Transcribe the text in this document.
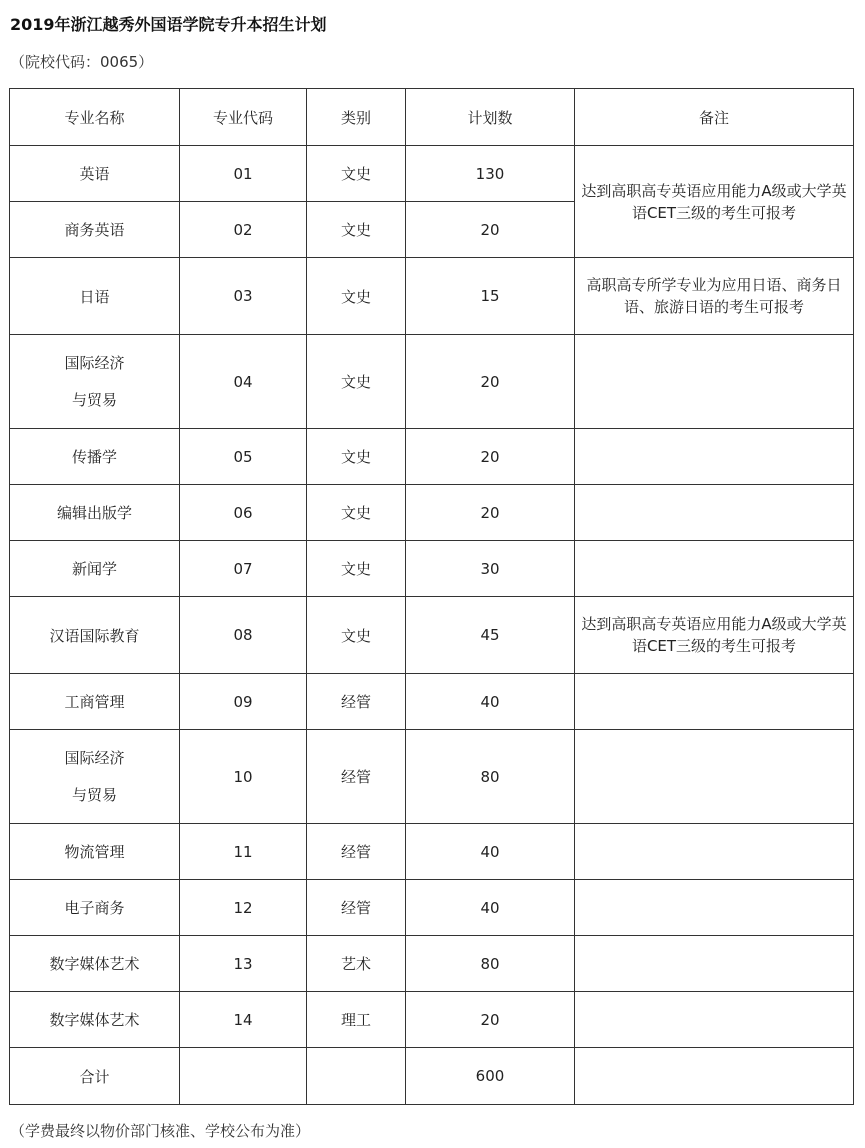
2019年浙江越秀外国语学院专升本招生计划
（院校代码：0065）
专业名称	专业代码	类别	计划数	备注
英语	01	文史	130	达到高职高专英语应用能力A级或大学英语CET三级的考生可报考
商务英语	02	文史	20	
日语	03	文史	15	高职高专所学专业为应用日语、商务日语、旅游日语的考生可报考

国际经济
与贸易	04	文史	20	
传播学	05	文史	20	
编辑出版学	06	文史	20	
新闻学	07	文史	30	
汉语国际教育	08	文史	45	达到高职高专英语应用能力A级或大学英语CET三级的考生可报考
工商管理	09	经管	40	

国际经济
与贸易	10	经管	80	
物流管理	11	经管	40	
电子商务	12	经管	40	
数字媒体艺术	13	艺术	80	
数字媒体艺术	14	理工	20	
合计			600	
（学费最终以物价部门核准、学校公布为准）
